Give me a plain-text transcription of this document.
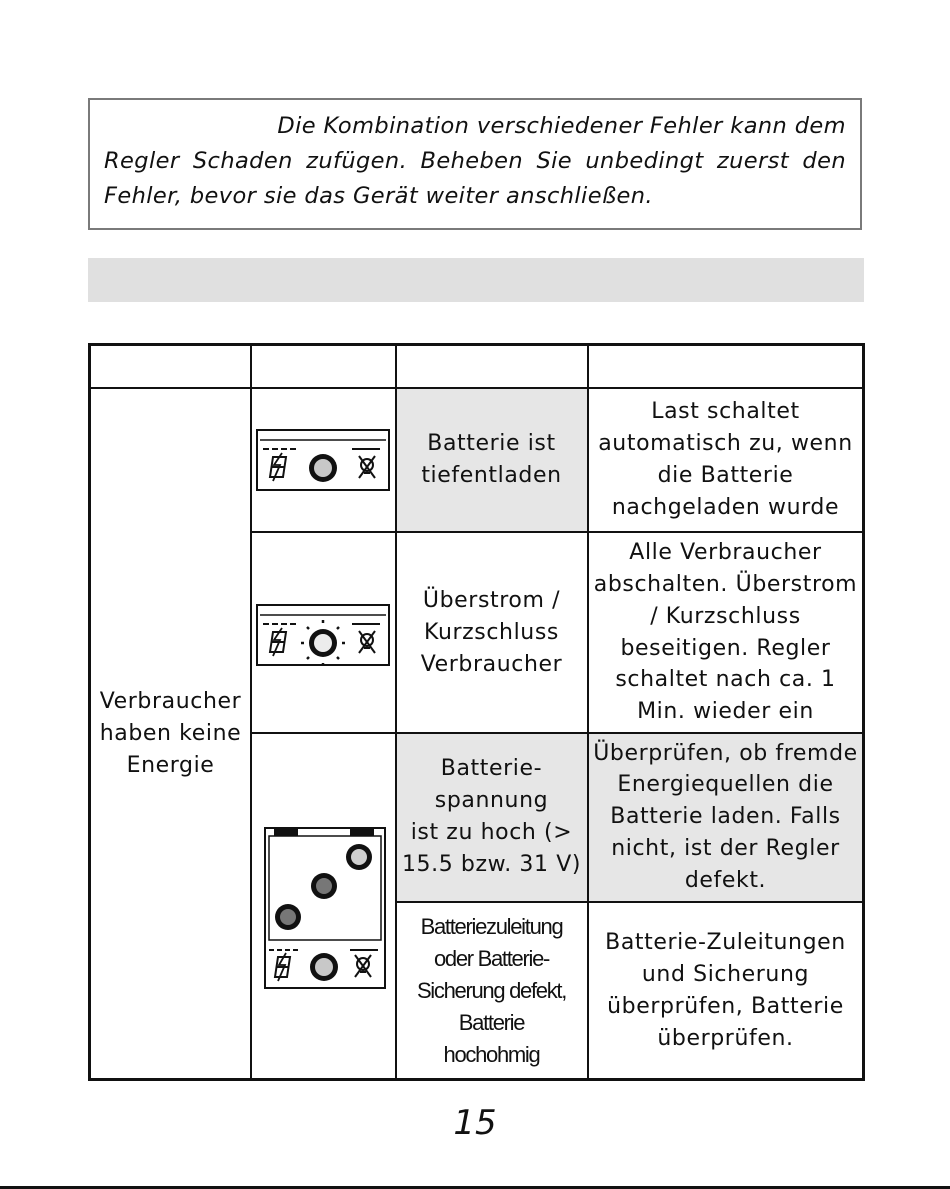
Die Kombination verschiedener Fehler kann dem
Regler Schaden zufügen. Beheben Sie unbedingt zuerst den
Fehler, bevor sie das Gerät weiter anschließen.
Verbraucher
haben keine
Energie
Batterie ist
tiefentladen
Überstrom /
Kurzschluss
Verbraucher
Batterie-
spannung
ist zu hoch (>
15.5 bzw. 31 V)
Batteriezuleitung
oder Batterie-
Sicherung defekt,
Batterie
hochohmig
Last schaltet
automatisch zu, wenn
die Batterie
nachgeladen wurde
Alle Verbraucher
abschalten. Überstrom
/ Kurzschluss
beseitigen. Regler
schaltet nach ca. 1
Min. wieder ein
Überprüfen, ob fremde
Energiequellen die
Batterie laden. Falls
nicht, ist der Regler
defekt.
Batterie-Zuleitungen
und Sicherung
überprüfen, Batterie
überprüfen.
15
